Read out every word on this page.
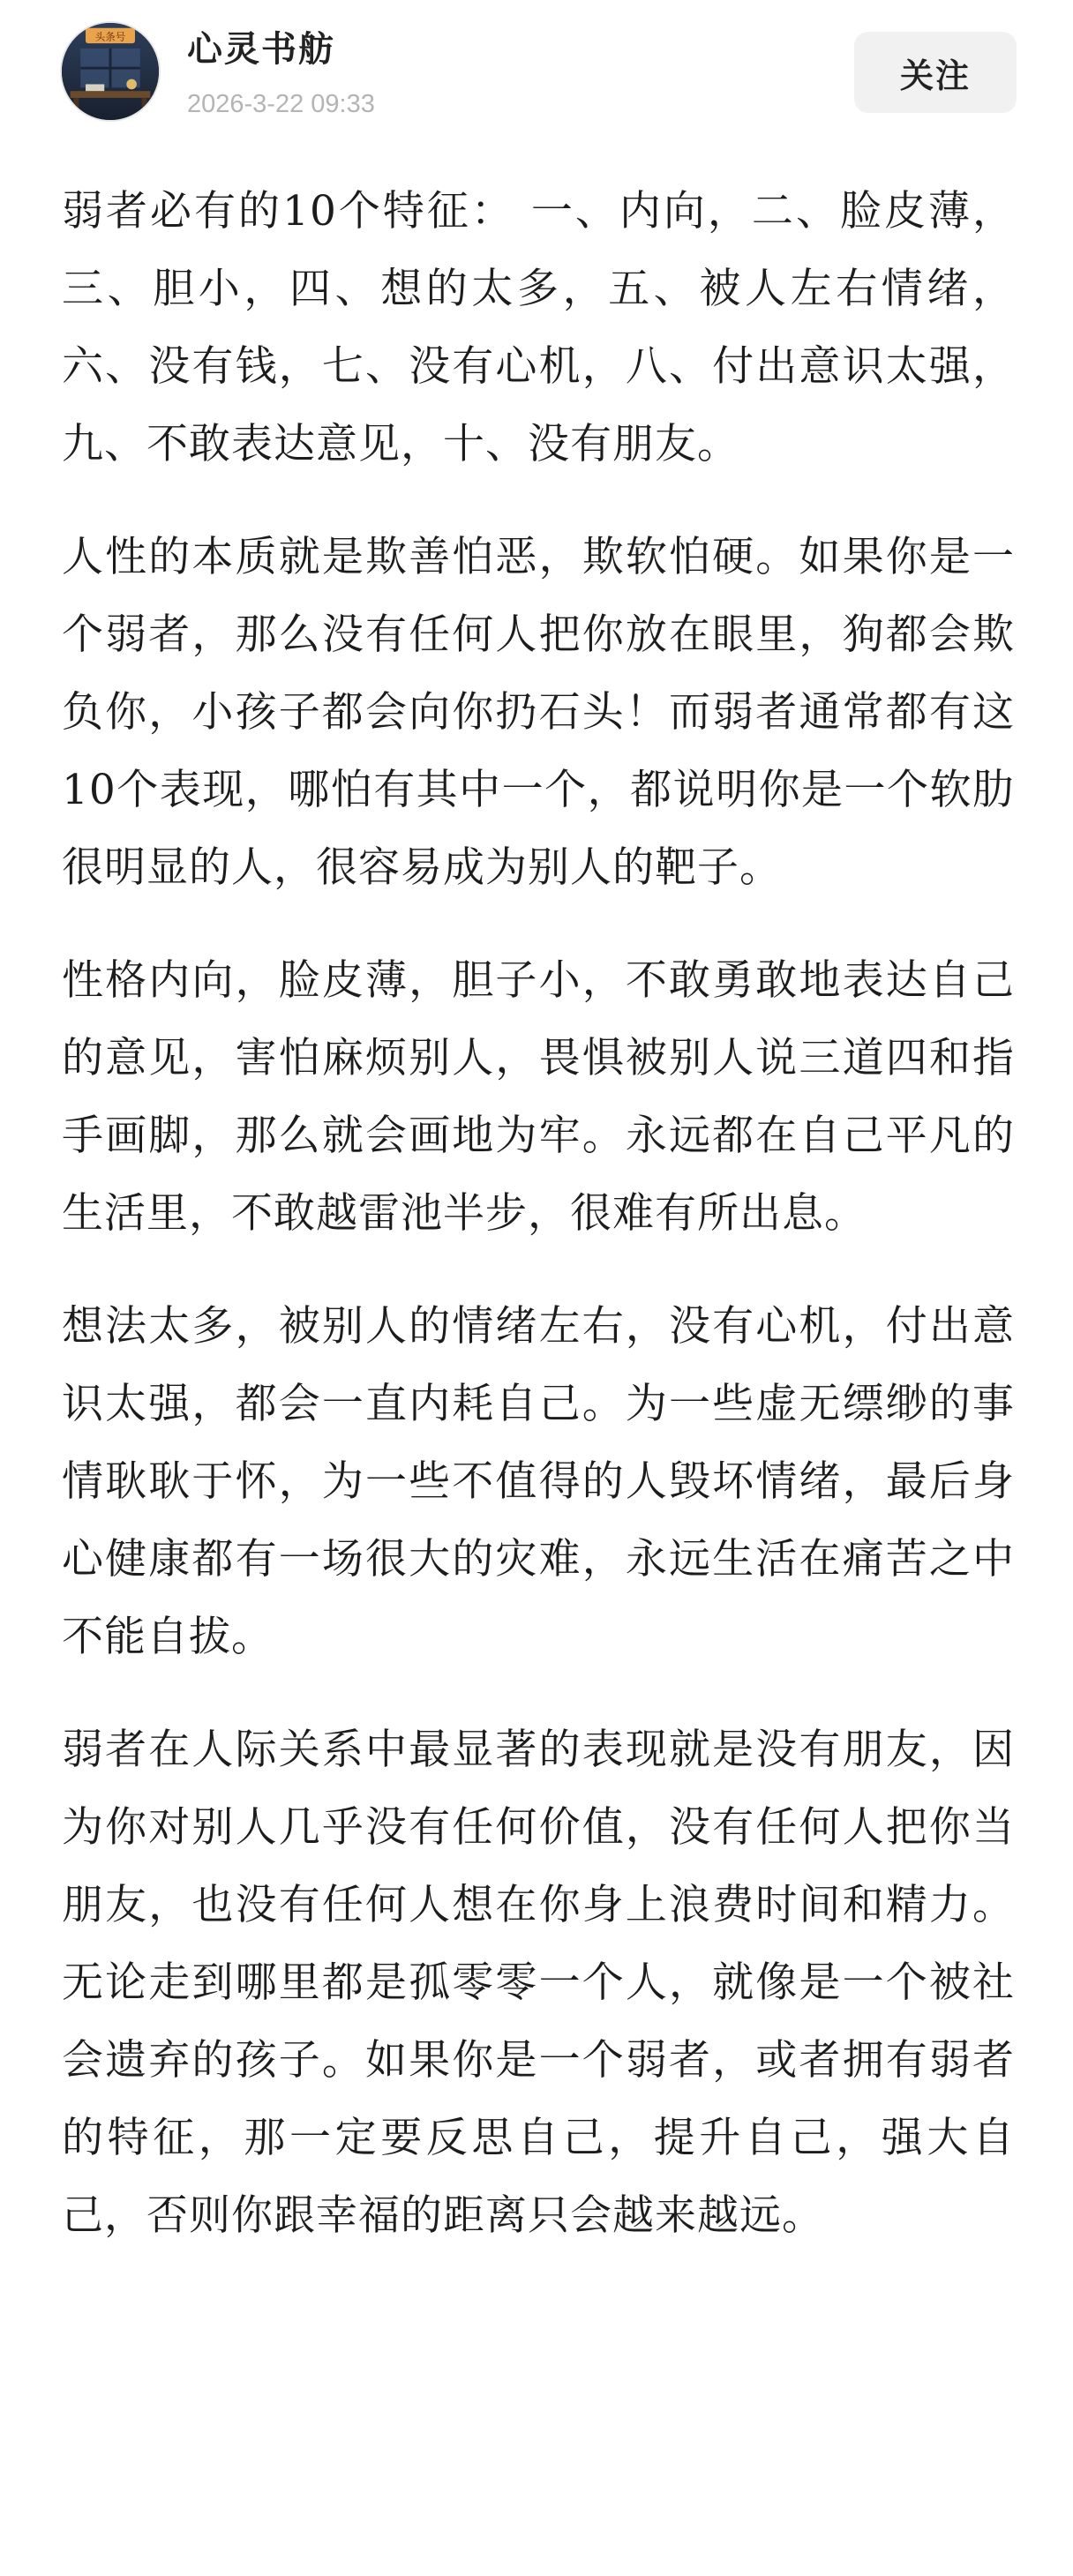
头条号 心灵书舫
2026-3-22 09:33
关注

弱者必有的10个特征： 一、内向，二、脸皮薄，三、胆小，四、想的太多，五、被人左右情绪，六、没有钱，七、没有心机，八、付出意识太强，九、不敢表达意见，十、没有朋友。

人性的本质就是欺善怕恶，欺软怕硬。如果你是一个弱者，那么没有任何人把你放在眼里，狗都会欺负你，小孩子都会向你扔石头！而弱者通常都有这10个表现，哪怕有其中一个，都说明你是一个软肋很明显的人，很容易成为别人的靶子。

性格内向，脸皮薄，胆子小，不敢勇敢地表达自己的意见，害怕麻烦别人，畏惧被别人说三道四和指手画脚，那么就会画地为牢。永远都在自己平凡的生活里，不敢越雷池半步，很难有所出息。

想法太多，被别人的情绪左右，没有心机，付出意识太强，都会一直内耗自己。为一些虚无缥缈的事情耿耿于怀，为一些不值得的人毁坏情绪，最后身心健康都有一场很大的灾难，永远生活在痛苦之中不能自拔。

弱者在人际关系中最显著的表现就是没有朋友，因为你对别人几乎没有任何价值，没有任何人把你当朋友，也没有任何人想在你身上浪费时间和精力。无论走到哪里都是孤零零一个人，就像是一个被社会遗弃的孩子。如果你是一个弱者，或者拥有弱者的特征，那一定要反思自己，提升自己，强大自己，否则你跟幸福的距离只会越来越远。
